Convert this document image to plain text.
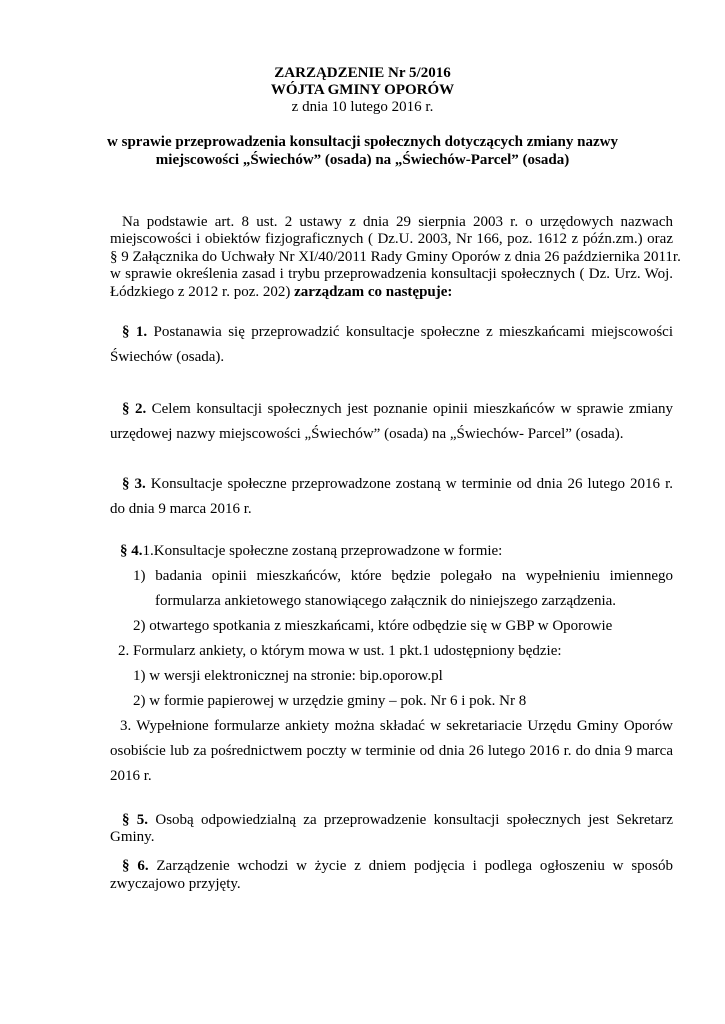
ZARZĄDZENIE Nr 5/2016

WÓJTA GMINY OPORÓW

z dnia 10 lutego 2016 r.

w sprawie przeprowadzenia konsultacji społecznych dotyczących zmiany nazwy

miejscowości „Świechów” (osada) na „Świechów-Parcel” (osada)

Na podstawie art. 8 ust. 2 ustawy z dnia 29 sierpnia 2003 r. o urzędowych nazwach

miejscowości i obiektów fizjograficznych ( Dz.U. 2003, Nr 166, poz. 1612 z późn.zm.) oraz

§ 9 Załącznika do Uchwały Nr XI/40/2011 Rady Gminy Oporów z dnia 26 października 2011r.

w sprawie określenia zasad i trybu przeprowadzenia konsultacji społecznych ( Dz. Urz. Woj.

Łódzkiego z 2012 r. poz. 202) zarządzam co następuje:

§ 1. Postanawia się przeprowadzić konsultacje społeczne z mieszkańcami miejscowości

Świechów (osada).

§ 2. Celem konsultacji społecznych jest poznanie opinii mieszkańców w sprawie zmiany

urzędowej nazwy miejscowości „Świechów” (osada) na „Świechów- Parcel” (osada).

§ 3. Konsultacje społeczne przeprowadzone zostaną w terminie od dnia 26 lutego 2016 r.

do dnia 9 marca 2016 r.

§ 4.1.Konsultacje społeczne zostaną przeprowadzone w formie:

1) badania opinii mieszkańców, które będzie polegało na wypełnieniu imiennego

formularza ankietowego stanowiącego załącznik do niniejszego zarządzenia.

2) otwartego spotkania z mieszkańcami, które odbędzie się w GBP w Oporowie

2. Formularz ankiety, o którym mowa w ust. 1 pkt.1 udostępniony będzie:

1) w wersji elektronicznej na stronie: bip.oporow.pl

2) w formie papierowej w urzędzie gminy – pok. Nr 6 i pok. Nr 8

3. Wypełnione formularze ankiety można składać w sekretariacie Urzędu Gminy Oporów

osobiście lub za pośrednictwem poczty w terminie od dnia 26 lutego 2016 r. do dnia 9 marca

2016 r.

§ 5. Osobą odpowiedzialną za przeprowadzenie konsultacji społecznych jest Sekretarz

Gminy.

§ 6. Zarządzenie wchodzi w życie z dniem podjęcia i podlega ogłoszeniu w sposób

zwyczajowo przyjęty.
